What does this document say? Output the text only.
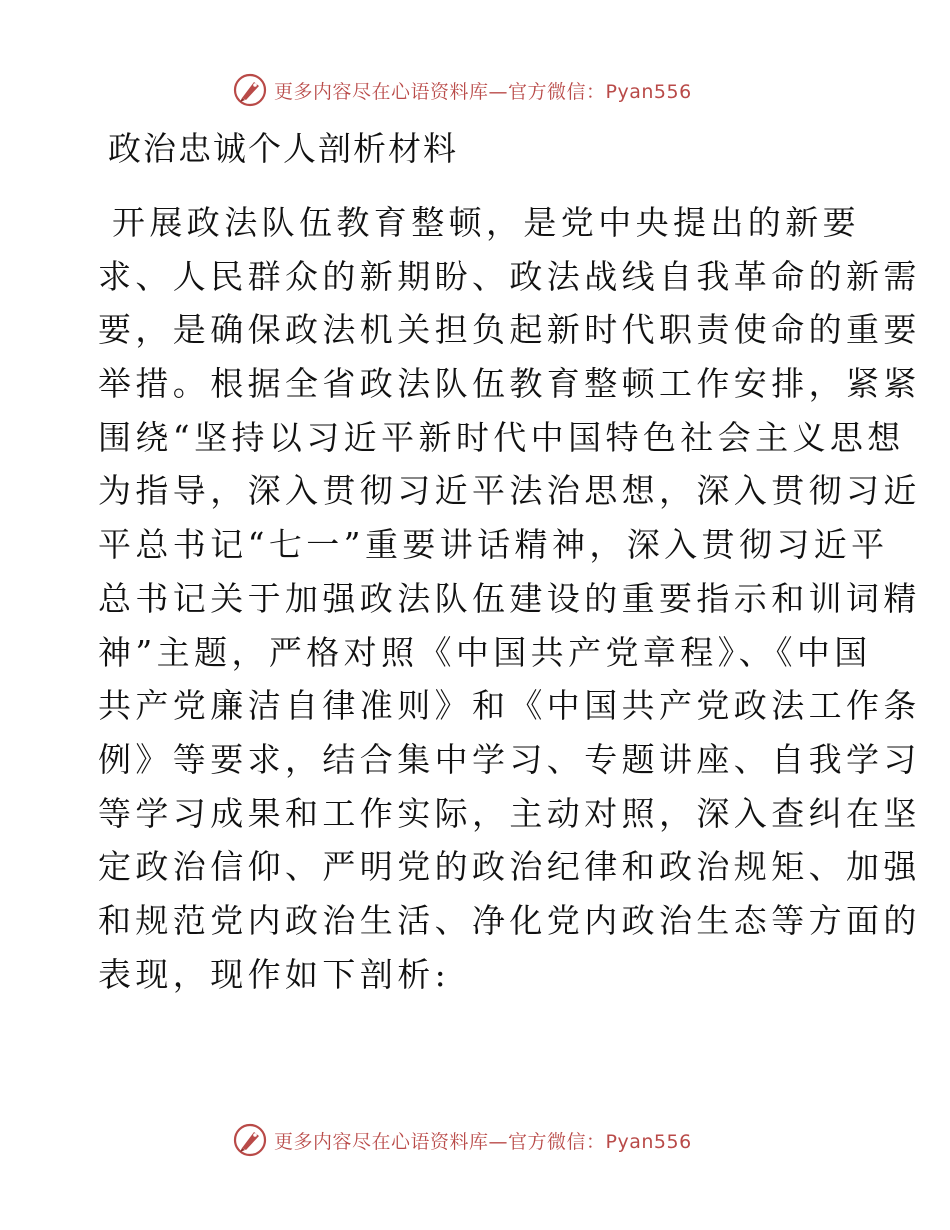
更多内容尽在心语资料库—官方微信：Pyan556
政治忠诚个人剖析材料
开展政法队伍教育整顿，是党中央提出的新要
求、人民群众的新期盼、政法战线自我革命的新需
要，是确保政法机关担负起新时代职责使命的重要
举措。根据全省政法队伍教育整顿工作安排，紧紧
围绕“坚持以习近平新时代中国特色社会主义思想
为指导，深入贯彻习近平法治思想，深入贯彻习近
平总书记“七一”重要讲话精神，深入贯彻习近平
总书记关于加强政法队伍建设的重要指示和训词精
神”主题，严格对照《中国共产党章程》、《中国
共产党廉洁自律准则》和《中国共产党政法工作条
例》等要求，结合集中学习、专题讲座、自我学习
等学习成果和工作实际，主动对照，深入查纠在坚
定政治信仰、严明党的政治纪律和政治规矩、加强
和规范党内政治生活、净化党内政治生态等方面的
表现，现作如下剖析:
更多内容尽在心语资料库—官方微信：Pyan556
